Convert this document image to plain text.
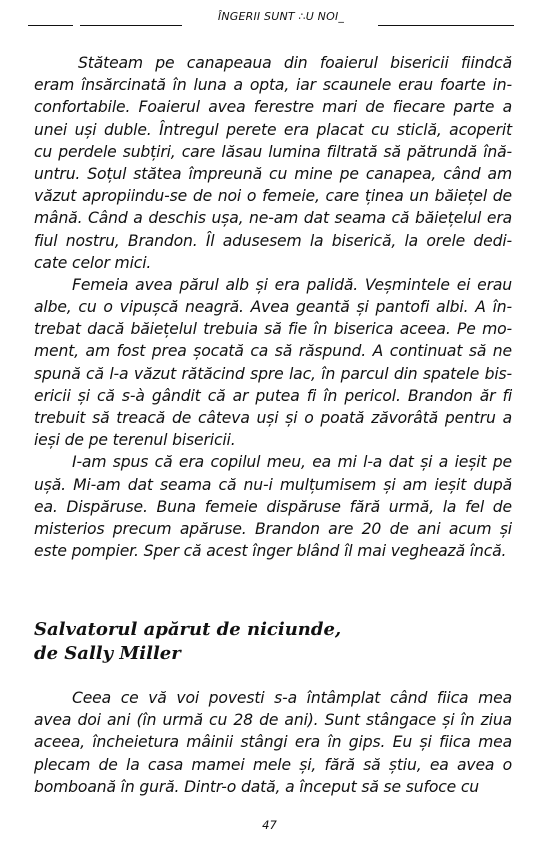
ÎNGERII SUNT ∴U NOI_
Stăteam pe canapeaua din foaierul bisericii fiindcă
eram însărcinată în luna a opta, iar scaunele erau foarte in-
confortabile. Foaierul avea ferestre mari de fiecare parte a
unei uși duble. Întregul perete era placat cu sticlă, acoperit
cu perdele subțiri, care lăsau lumina filtrată să pătrundă înă-
untru. Soțul stătea împreună cu mine pe canapea, când am
văzut apropiindu-se de noi o femeie, care ținea un băiețel de
mână. Când a deschis ușa, ne-am dat seama că băiețelul era
fiul nostru, Brandon. Îl adusesem la biserică, la orele dedi-
cate celor mici.
Femeia avea părul alb și era palidă. Veșmintele ei erau
albe, cu o vipușcă neagră. Avea geantă și pantofi albi. A în-
trebat dacă băiețelul trebuia să fie în biserica aceea. Pe mo-
ment, am fost prea șocată ca să răspund. A continuat să ne
spună că l-a văzut rătăcind spre lac, în parcul din spatele bis-
ericii și că s-à gândit că ar putea fi în pericol. Brandon ăr fi
trebuit să treacă de câteva uși și o poată zăvorâtă pentru a
ieși de pe terenul bisericii.
I-am spus că era copilul meu, ea mi l-a dat și a ieșit pe
ușă. Mi-am dat seama că nu-i mulțumisem și am ieșit după
ea. Dispăruse. Buna femeie dispăruse fără urmă, la fel de
misterios precum apăruse. Brandon are 20 de ani acum și
este pompier. Sper că acest înger blând îl mai veghează încă.
Salvatorul apărut de niciunde,
de Sally Miller
Ceea ce vă voi povesti s-a întâmplat când fiica mea
avea doi ani (în urmă cu 28 de ani). Sunt stângace și în ziua
aceea, încheietura mâinii stângi era în gips. Eu și fiica mea
plecam de la casa mamei mele și, fără să știu, ea avea o
bomboană în gură. Dintr-o dată, a început să se sufoce cu
47
